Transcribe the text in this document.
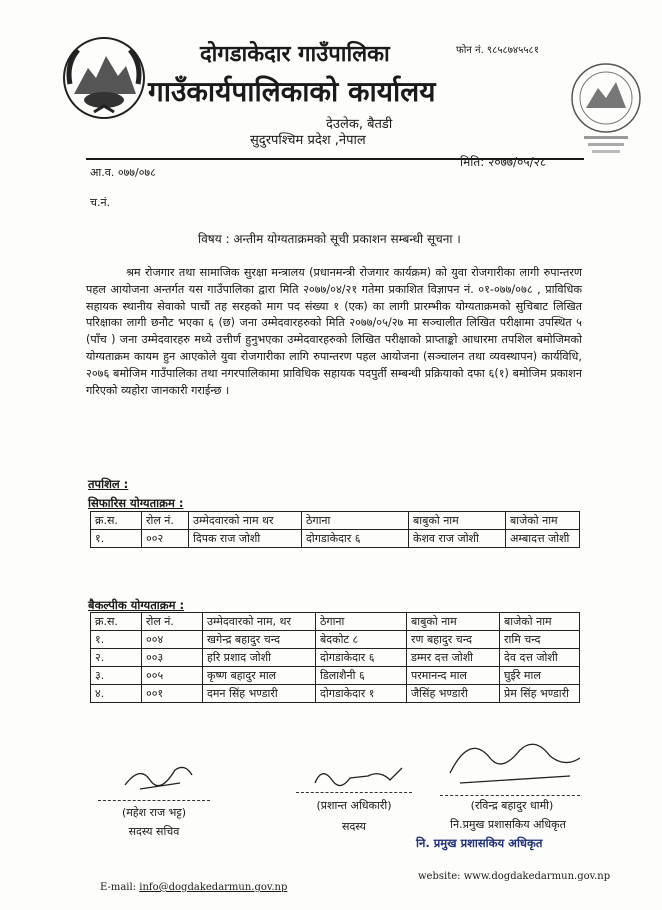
दोगडाकेदार गाउँपालिका
गाउँकार्यपालिकाको कार्यालय
देउलेक, बैतडी
सुदुरपश्चिम प्रदेश ,नेपाल
फोन नं. ९८५८७४५५८१
आ.व. ०७७/०७८
मिति: २०७७/०५/२८
च.नं.
विषय : अन्तीम योग्यताक्रमको सूची प्रकाशन सम्बन्धी सूचना ।
श्रम रोजगार तथा सामाजिक सुरक्षा मन्त्रालय (प्रधानमन्त्री रोजगार कार्यक्रम) को युवा रोजगारीका लागी रुपान्तरण पहल आयोजना अन्तर्गत यस गाउँपालिका द्वारा मिति २०७७/०४/२१ गतेमा प्रकाशित विज्ञापन नं. ०१-०७७/०७८ , प्राविधिक सहायक स्थानीय सेवाको पाचौं तह सरहको माग पद संख्या १ (एक) का लागी प्रारम्भीक योग्यताक्रमको सुचिबाट लिखित परिक्षाका लागी छनौट भएका ६ (छ) जना उम्मेदवारहरुको मिति २०७७/०५/२७ मा सञ्चालीत लिखित परीक्षामा उपस्थित ५ (पाँच ) जना उम्मेदवारहरु मध्ये उत्तीर्ण हुनुभएका उम्मेदवारहरुको लिखित परीक्षाको प्राप्ताङ्को आधारमा तपशिल बमोजिमको योग्यताक्रम कायम हुन आएकोले युवा रोजगारीका लागि रुपान्तरण पहल आयोजना (सञ्चालन तथा व्यवस्थापन) कार्यविधि, २०७६ बमोजिम गाउँपालिका तथा नगरपालिकामा प्राविधिक सहायक पदपुर्ती सम्बन्धी प्रक्रियाको दफा ६(१) बमोजिम प्रकाशन गरिएको व्यहोरा जानकारी गराईन्छ ।
तपशिल :
सिफारिस योग्यताक्रम :
क्र.स.	रोल नं.	उम्मेदवारको नाम थर	ठेगाना	बाबुको नाम	बाजेको नाम
१.	००२	दिपक राज जोशी	दोगडाकेदार ६	केशव राज जोशी	अम्बादत्त जोशी
बैकल्पीक योग्यताक्रम :
क्र.स.	रोल नं.	उम्मेदवारको नाम, थर	ठेगाना	बाबुको नाम	बाजेको नाम
१.	००४	खगेन्द्र बहादुर चन्द	बेदकोट ८	रण बहादुर चन्द	रामि चन्द
२.	००३	हरि प्रशाद जोशी	दोगडाकेदार ६	डम्मर दत्त जोशी	देव दत्त जोशी
३.	००५	कृष्ण बहादुर माल	डिलाशैनी ६	परमानन्द माल	घुईरे माल
४.	००१	दमन सिंह भण्डारी	दोगडाकेदार १	जैसिंह भण्डारी	प्रेम सिंह भण्डारी
(महेश राज भट्ट)
सदस्य सचिव
(प्रशान्त अधिकारी)
सदस्य
(रविन्द्र बहादुर धामी)
नि.प्रमुख प्रशासकिय अधिकृत
नि. प्रमुख प्रशासकिय अधिकृत
E-mail: info@dogdakedarmun.gov.np
website: www.dogdakedarmun.gov.np
